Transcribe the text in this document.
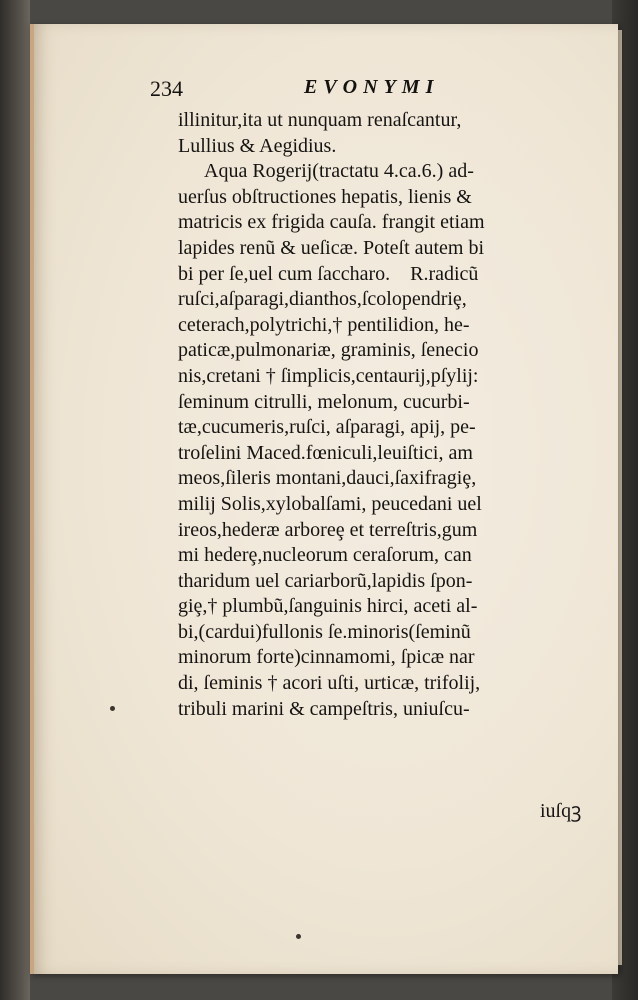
234	EVONYMI
illinitur,ita ut nunquam renaſcantur,
Lullius & Aegidius.
Aqua Rogerij(tractatu 4.ca.6.) ad-
uerſus obſtructiones hepatis, lienis &
matricis ex frigida cauſa. frangit etiam
lapides renũ & ueſicæ. Poteſt autem bi
bi per ſe,uel cum ſaccharo.    R.radicũ
ruſci,aſparagi,dianthos,ſcolopendriȩ,
ceterach,polytrichi,† pentilidion, he-
paticæ,pulmonariæ, graminis, ſenecio
nis,cretani † ſimplicis,centaurij,pſylij:
ſeminum citrulli, melonum, cucurbi-
tæ,cucumeris,ruſci, aſparagi, apij, pe-
troſelini Maced.fœniculi,leuiſtici, am
meos,ſileris montani,dauci,ſaxifragiȩ,
milij Solis,xylobalſami, peucedani uel
ireos,hederæ arboreȩ et terreſtris,gum
mi hederȩ,nucleorum ceraſorum, can
tharidum uel cariarborũ,lapidis ſpon-
giȩ,† plumbũ,ſanguinis hirci, aceti al-
bi,(cardui)fullonis ſe.minoris(ſeminũ
minorum forte)cinnamomi, ſpicæ nar
di, ſeminis † acori uſti, urticæ, trifolij,
tribuli marini & campeſtris, uniuſcu-
iuſqꝫ
